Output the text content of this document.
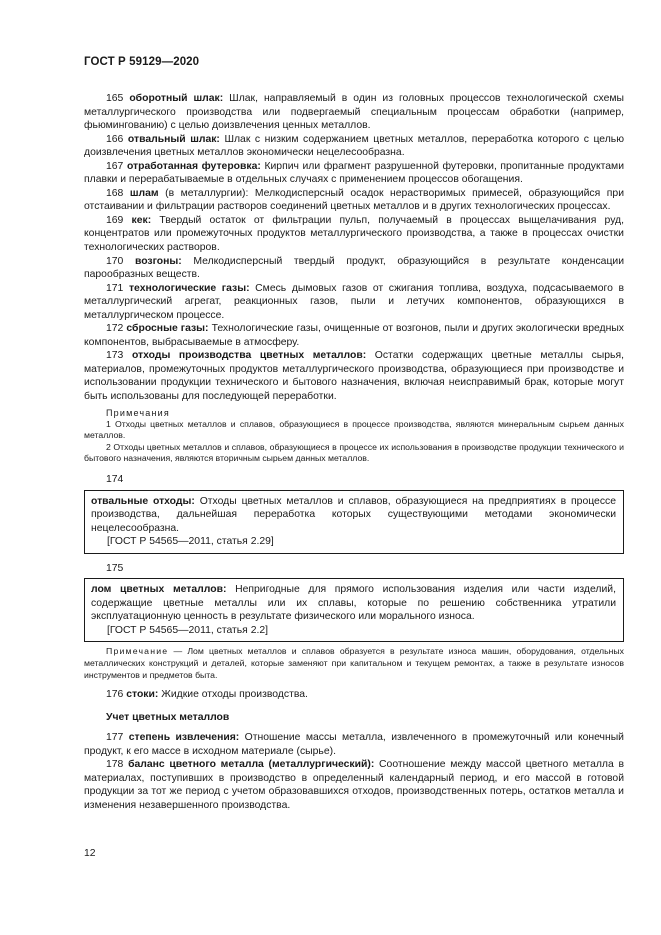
ГОСТ Р 59129—2020

165 оборотный шлак: Шлак, направляемый в один из головных процессов технологической схемы металлургического производства или подвергаемый специальным процессам обработки (например, фьюмингованию) с целью доизвлечения ценных металлов.

166 отвальный шлак: Шлак с низким содержанием цветных металлов, переработка которого с целью доизвлечения цветных металлов экономически нецелесообразна.

167 отработанная футеровка: Кирпич или фрагмент разрушенной футеровки, пропитанные продуктами плавки и перерабатываемые в отдельных случаях с применением процессов обогащения.

168 шлам (в металлургии): Мелкодисперсный осадок нерастворимых примесей, образующийся при отстаивании и фильтрации растворов соединений цветных металлов и в других технологических процессах.

169 кек: Твердый остаток от фильтрации пульп, получаемый в процессах выщелачивания руд, концентратов или промежуточных продуктов металлургического производства, а также в процессах очистки технологических растворов.

170 возгоны: Мелкодисперсный твердый продукт, образующийся в результате конденсации парообразных веществ.

171 технологические газы: Смесь дымовых газов от сжигания топлива, воздуха, подсасываемого в металлургический агрегат, реакционных газов, пыли и летучих компонентов, образующихся в металлургическом процессе.

172 сбросные газы: Технологические газы, очищенные от возгонов, пыли и других экологически вредных компонентов, выбрасываемые в атмосферу.

173 отходы производства цветных металлов: Остатки содержащих цветные металлы сырья, материалов, промежуточных продуктов металлургического производства, образующиеся при производстве и использовании продукции технического и бытового назначения, включая неисправимый брак, которые могут быть использованы для последующей переработки.

Примечания

1 Отходы цветных металлов и сплавов, образующиеся в процессе производства, являются минеральным сырьем данных металлов.

2 Отходы цветных металлов и сплавов, образующиеся в процессе их использования в производстве продукции технического и бытового назначения, являются вторичным сырьем данных металлов.

174

отвальные отходы: Отходы цветных металлов и сплавов, образующиеся на предприятиях в процессе производства, дальнейшая переработка которых существующими методами экономически нецелесообразна.

[ГОСТ Р 54565—2011, статья 2.29]

175

лом цветных металлов: Непригодные для прямого использования изделия или части изделий, содержащие цветные металлы или их сплавы, которые по решению собственника утратили эксплуатационную ценность в результате физического или морального износа.

[ГОСТ Р 54565—2011, статья 2.2]

Примечание — Лом цветных металлов и сплавов образуется в результате износа машин, оборудования, отдельных металлических конструкций и деталей, которые заменяют при капитальном и текущем ремонтах, а также в результате износов инструментов и предметов быта.

176 стоки: Жидкие отходы производства.

Учет цветных металлов

177 степень извлечения: Отношение массы металла, извлеченного в промежуточный или конечный продукт, к его массе в исходном материале (сырье).

178 баланс цветного металла (металлургический): Соотношение между массой цветного металла в материалах, поступивших в производство в определенный календарный период, и его массой в готовой продукции за тот же период с учетом образовавшихся отходов, производственных потерь, остатков металла и изменения незавершенного производства.

12
